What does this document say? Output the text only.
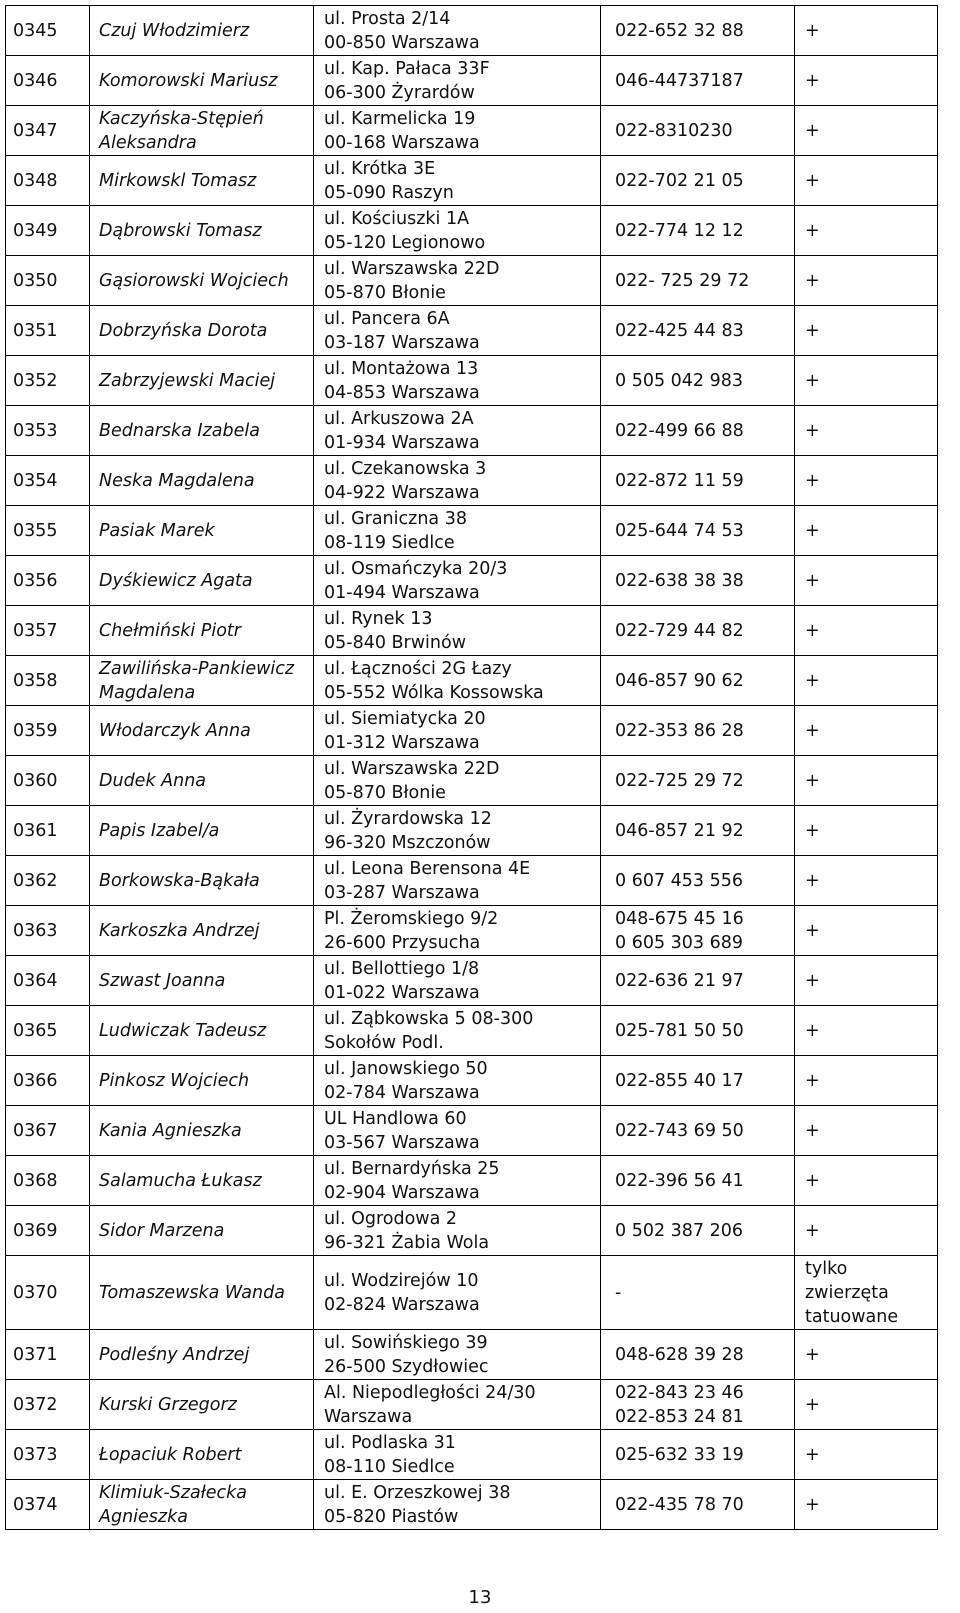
0345	Czuj Włodzimierz	ul. Prosta 2/14
00-850 Warszawa	022-652 32 88	+
0346	Komorowski Mariusz	ul. Kap. Pałaca 33F
06-300 Żyrardów	046-44737187	+
0347	Kaczyńska-Stępień
Aleksandra	ul. Karmelicka 19
00-168 Warszawa	022-8310230	+
0348	Mirkowskl Tomasz	ul. Krótka 3E
05-090 Raszyn	022-702 21 05	+
0349	Dąbrowski Tomasz	ul. Kościuszki 1A
05-120 Legionowo	022-774 12 12	+
0350	Gąsiorowski Wojciech	ul. Warszawska 22D
05-870 Błonie	022- 725 29 72	+
0351	Dobrzyńska Dorota	ul. Pancera 6A
03-187 Warszawa	022-425 44 83	+
0352	Zabrzyjewski Maciej	ul. Montażowa 13
04-853 Warszawa	0 505 042 983	+
0353	Bednarska Izabela	ul. Arkuszowa 2A
01-934 Warszawa	022-499 66 88	+
0354	Neska Magdalena	ul. Czekanowska 3
04-922 Warszawa	022-872 11 59	+
0355	Pasiak Marek	ul. Graniczna 38
08-119 Siedlce	025-644 74 53	+
0356	Dyśkiewicz Agata	ul. Osmańczyka 20/3
01-494 Warszawa	022-638 38 38	+
0357	Chełmiński Piotr	ul. Rynek 13
05-840 Brwinów	022-729 44 82	+
0358	Zawilińska-Pankiewicz
Magdalena	ul. Łączności 2G Łazy
05-552 Wólka Kossowska	046-857 90 62	+
0359	Włodarczyk Anna	ul. Siemiatycka 20
01-312 Warszawa	022-353 86 28	+
0360	Dudek Anna	ul. Warszawska 22D
05-870 Błonie	022-725 29 72	+
0361	Papis Izabel/a	ul. Żyrardowska 12
96-320 Mszczonów	046-857 21 92	+
0362	Borkowska-Bąkała	ul. Leona Berensona 4E
03-287 Warszawa	0 607 453 556	+
0363	Karkoszka Andrzej	Pl. Żeromskiego 9/2
26-600 Przysucha	048-675 45 16
0 605 303 689	+
0364	Szwast Joanna	ul. Bellottiego 1/8
01-022 Warszawa	022-636 21 97	+
0365	Ludwiczak Tadeusz	ul. Ząbkowska 5 08-300
Sokołów Podl.	025-781 50 50	+
0366	Pinkosz Wojciech	ul. Janowskiego 50
02-784 Warszawa	022-855 40 17	+
0367	Kania Agnieszka	UL Handlowa 60
03-567 Warszawa	022-743 69 50	+
0368	Salamucha Łukasz	ul. Bernardyńska 25
02-904 Warszawa	022-396 56 41	+
0369	Sidor Marzena	ul. Ogrodowa 2
96-321 Żabia Wola	0 502 387 206	+
0370	Tomaszewska Wanda	ul. Wodzirejów 10
02-824 Warszawa	-	tylko
zwierzęta
tatuowane
0371	Podleśny Andrzej	ul. Sowińskiego 39
26-500 Szydłowiec	048-628 39 28	+
0372	Kurski Grzegorz	Al. Niepodległości 24/30
Warszawa	022-843 23 46
022-853 24 81	+
0373	Łopaciuk Robert	ul. Podlaska 31
08-110 Siedlce	025-632 33 19	+
0374	Klimiuk-Szałecka
Agnieszka	ul. E. Orzeszkowej 38
05-820 Piastów	022-435 78 70	+
13
